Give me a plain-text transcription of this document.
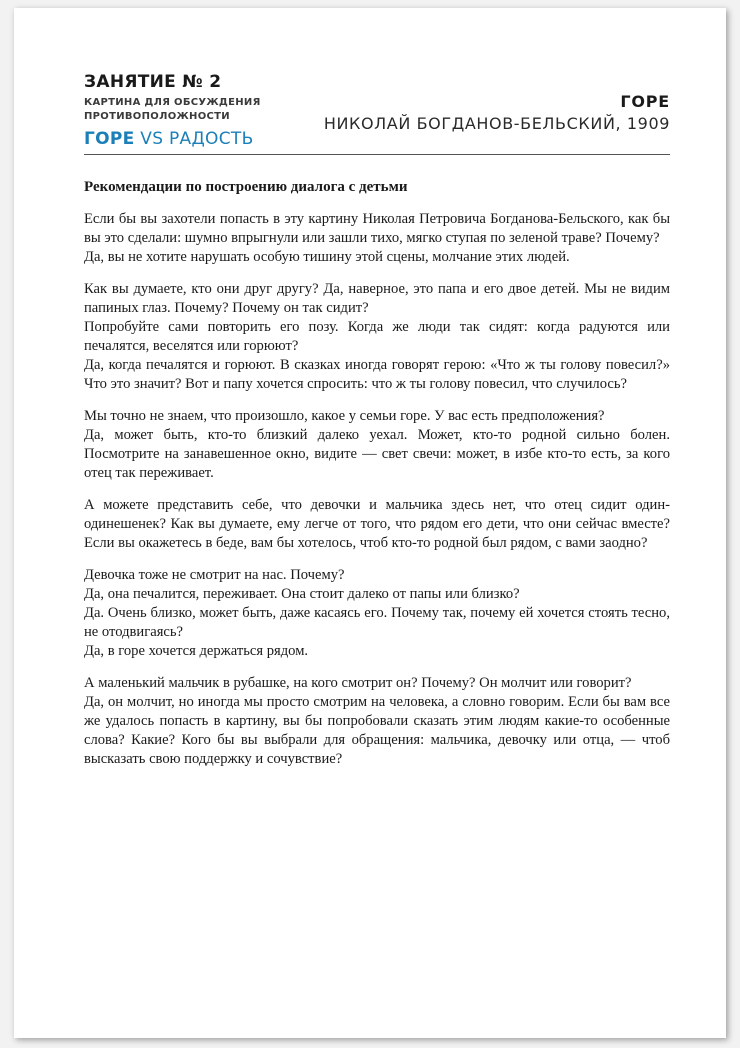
ЗАНЯТИЕ № 2
КАРТИНА ДЛЯ ОБСУЖДЕНИЯ ПРОТИВОПОЛОЖНОСТИ
ГОРЕ VS РАДОСТЬ
ГОРЕ
НИКОЛАЙ БОГДАНОВ-БЕЛЬСКИЙ, 1909
Рекомендации по построению диалога с детьми
Если бы вы захотели попасть в эту картину Николая Петровича Богданова-Бельского, как бы вы это сделали: шумно впрыгнули или зашли тихо, мягко ступая по зеленой траве? Почему?
Да, вы не хотите нарушать особую тишину этой сцены, молчание этих людей.
Как вы думаете, кто они друг другу? Да, наверное, это папа и его двое детей. Мы не видим папиных глаз. Почему? Почему он так сидит?
Попробуйте сами повторить его позу. Когда же люди так сидят: когда радуются или печалятся, веселятся или горюют?
Да, когда печалятся и горюют. В сказках иногда говорят герою: «Что ж ты голову повесил?» Что это значит? Вот и папу хочется спросить: что ж ты голову повесил, что случилось?
Мы точно не знаем, что произошло, какое у семьи горе. У вас есть предположения?
Да, может быть, кто-то близкий далеко уехал. Может, кто-то родной сильно болен. Посмотрите на занавешенное окно, видите — свет свечи: может, в избе кто-то есть, за кого отец так переживает.
А можете представить себе, что девочки и мальчика здесь нет, что отец сидит один-одинешенек? Как вы думаете, ему легче от того, что рядом его дети, что они сейчас вместе? Если вы окажетесь в беде, вам бы хотелось, чтоб кто-то родной был рядом, с вами заодно?
Девочка тоже не смотрит на нас. Почему?
Да, она печалится, переживает. Она стоит далеко от папы или близко?
Да. Очень близко, может быть, даже касаясь его. Почему так, почему ей хочется стоять тесно, не отодвигаясь?
Да, в горе хочется держаться рядом.
А маленький мальчик в рубашке, на кого смотрит он? Почему? Он молчит или говорит?
Да, он молчит, но иногда мы просто смотрим на человека, а словно говорим. Если бы вам все же удалось попасть в картину, вы бы попробовали сказать этим людям какие-то особенные слова? Какие? Кого бы вы выбрали для обращения: мальчика, девочку или отца, — чтоб высказать свою поддержку и сочувствие?
